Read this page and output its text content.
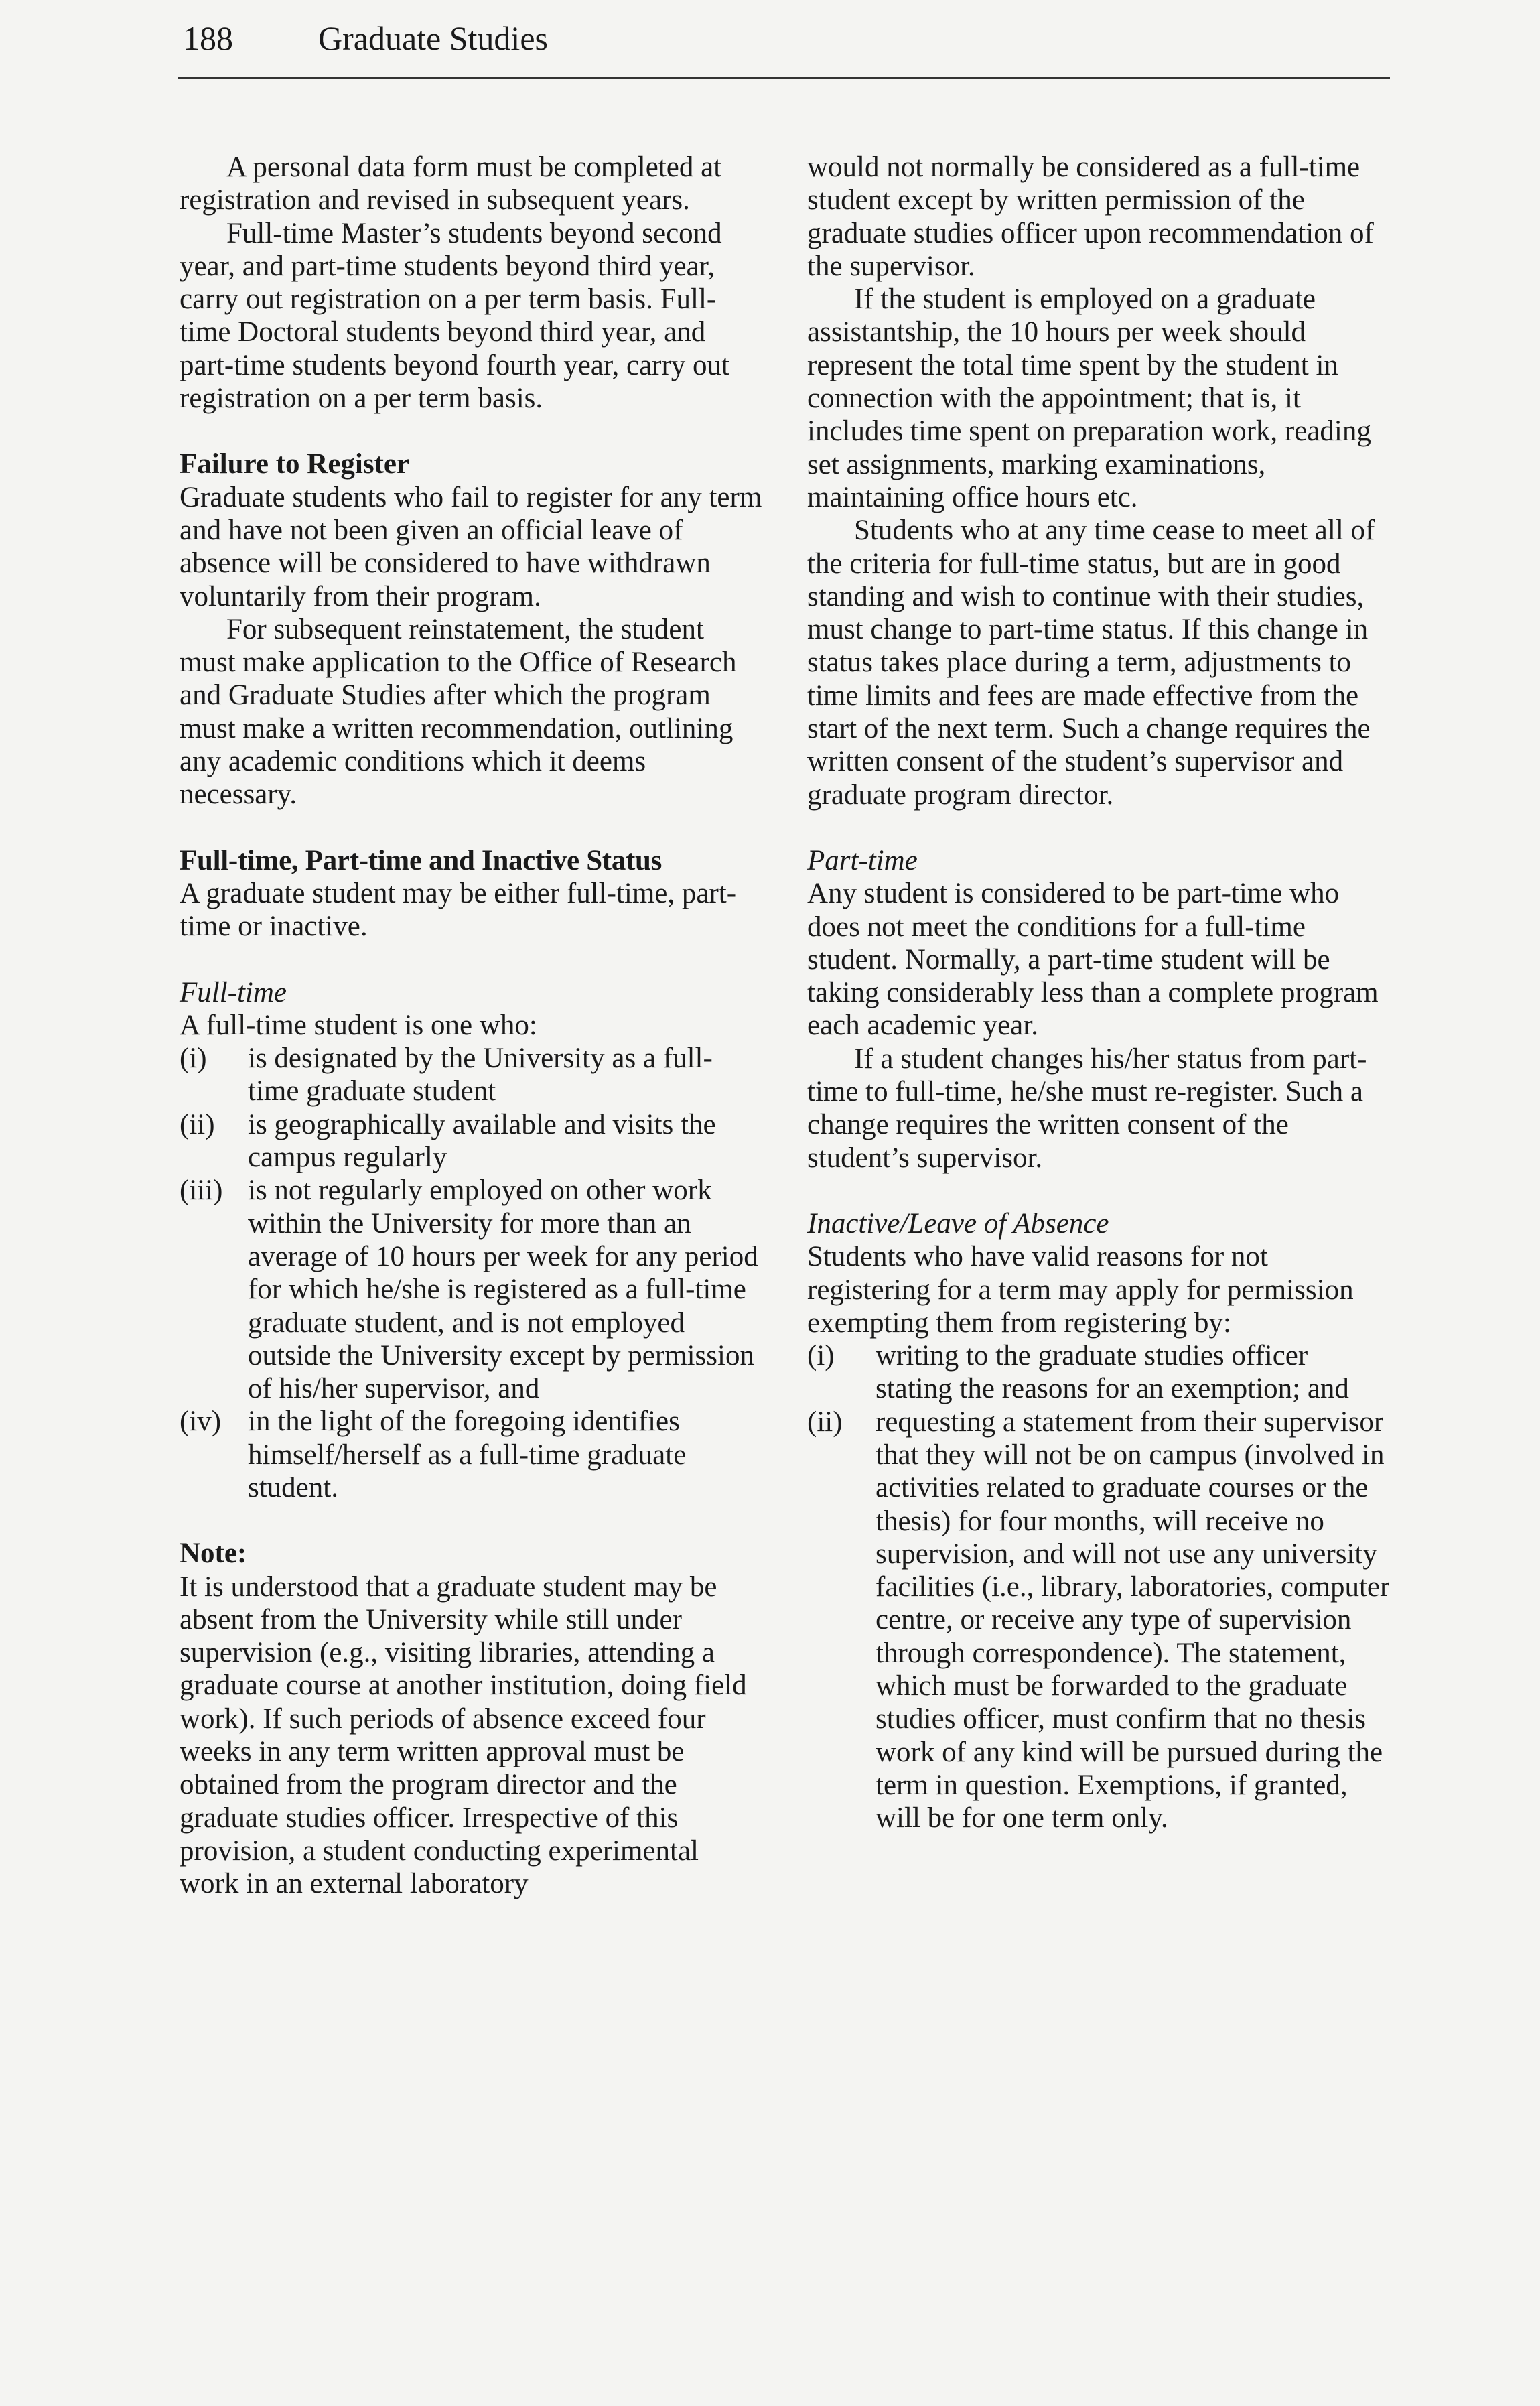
188	Graduate Studies

A personal data form must be completed at registration and revised in subsequent years.

Full-time Master’s students beyond second year, and part-time students beyond third year, carry out registration on a per term basis. Full-time Doctoral students beyond third year, and part-time students beyond fourth year, carry out registration on a per term basis.

Failure to Register

Graduate students who fail to register for any term and have not been given an official leave of absence will be considered to have withdrawn voluntarily from their program.

For subsequent reinstatement, the student must make application to the Office of Research and Graduate Studies after which the program must make a written recommendation, outlining any academic conditions which it deems necessary.

Full-time, Part-time and Inactive Status

A graduate student may be either full-time, part-time or inactive.

Full-time

A full-time student is one who:

(i)	is designated by the University as a full-time graduate student
(ii)	is geographically available and visits the campus regularly
(iii) is not regularly employed on other work within the University for more than an average of 10 hours per week for any period for which he/she is registered as a full-time graduate student, and is not employed outside the University except by permission of his/her supervisor, and
(iv) in the light of the foregoing identifies himself/herself as a full-time graduate student.
Note:

It is understood that a graduate student may be absent from the University while still under supervision (e.g., visiting libraries, attending a graduate course at another institution, doing field work). If such periods of absence exceed four weeks in any term written approval must be obtained from the program director and the graduate studies officer. Irrespective of this provision, a student conducting experimental work in an external laboratory

would not normally be considered as a full-time student except by written permission of the graduate studies officer upon recommendation of the supervisor.

If the student is employed on a graduate assistantship, the 10 hours per week should represent the total time spent by the student in connection with the appointment; that is, it includes time spent on preparation work, reading set assignments, marking examinations, maintaining office hours etc.

Students who at any time cease to meet all of the criteria for full-time status, but are in good standing and wish to continue with their studies, must change to part-time status. If this change in status takes place during a term, adjustments to time limits and fees are made effective from the start of the next term. Such a change requires the written consent of the student’s supervisor and graduate program director.

Part-time

Any student is considered to be part-time who does not meet the conditions for a full-time student. Normally, a part-time student will be taking considerably less than a complete program each academic year.

If a student changes his/her status from part-time to full-time, he/she must re-register. Such a change requires the written consent of the student’s supervisor.

Inactive/Leave of Absence

Students who have valid reasons for not registering for a term may apply for permission exempting them from registering by:

(i)	writing to the graduate studies officer stating the reasons for an exemption; and
(ii)	requesting a statement from their supervisor that they will not be on campus (involved in activities related to graduate courses or the thesis) for four months, will receive no supervision, and will not use any university facilities (i.e., library, laboratories, computer centre, or receive any type of supervision through correspondence). The statement, which must be forwarded to the graduate studies officer, must confirm that no thesis work of any kind will be pursued during the term in question. Exemptions, if granted, will be for one term only.
